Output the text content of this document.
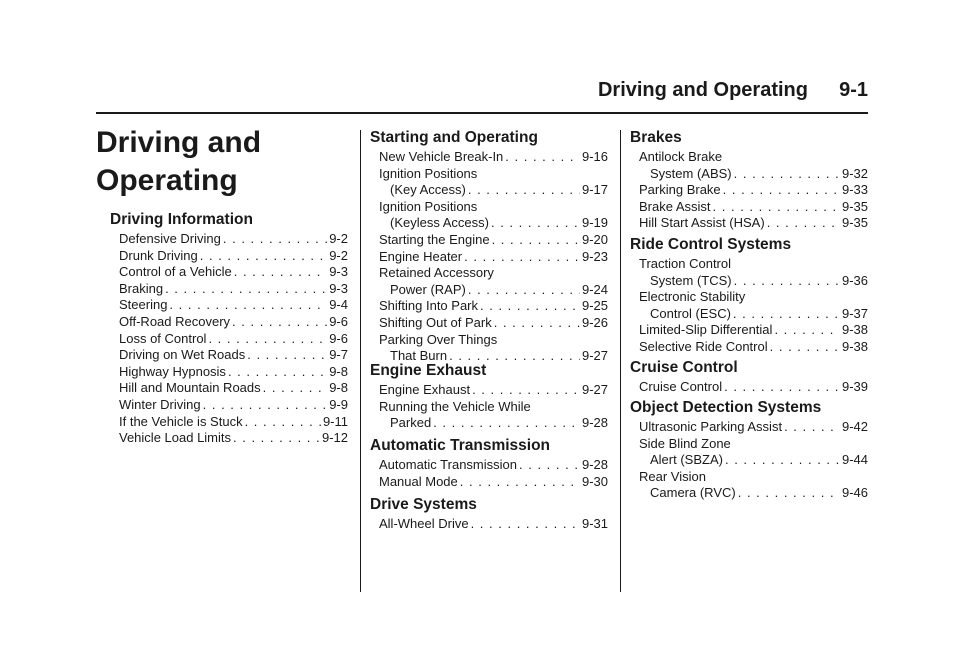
Driving and Operating 9-1
Driving and
Operating
Driving Information
Defensive Driving . . .	9-2
Drunk Driving . . .	9-2
Control of a Vehicle . . .	9-3
Braking . . .	9-3
Steering . . .	9-4
Off-Road Recovery . . .	9-6
Loss of Control . . .	9-6
Driving on Wet Roads . . .	9-7
Highway Hypnosis . . .	9-8
Hill and Mountain Roads . . .	9-8
Winter Driving . . .	9-9
If the Vehicle is Stuck . . .	9-11
Vehicle Load Limits . . .	9-12
Starting and Operating
New Vehicle Break-In . . .	9-16
Ignition Positions
(Key Access) . . .	9-17
Ignition Positions
(Keyless Access) . . .	9-19
Starting the Engine . . .	9-20
Engine Heater . . .	9-23
Retained Accessory
Power (RAP) . . .	9-24
Shifting Into Park . . .	9-25
Shifting Out of Park . . .	9-26
Parking Over Things
That Burn . . .	9-27
Engine Exhaust
Engine Exhaust . . .	9-27
Running the Vehicle While
Parked . . .	9-28
Automatic Transmission
Automatic Transmission . . .	9-28
Manual Mode . . .	9-30
Drive Systems
All-Wheel Drive . . .	9-31
Brakes
Antilock Brake
System (ABS) . . .	9-32
Parking Brake . . .	9-33
Brake Assist . . .	9-35
Hill Start Assist (HSA) . . .	9-35
Ride Control Systems
Traction Control
System (TCS) . . .	9-36
Electronic Stability
Control (ESC) . . .	9-37
Limited-Slip Differential . . .	9-38
Selective Ride Control . . .	9-38
Cruise Control
Cruise Control . . .	9-39
Object Detection Systems
Ultrasonic Parking Assist . . .	9-42
Side Blind Zone
Alert (SBZA) . . .	9-44
Rear Vision
Camera (RVC) . . .	9-46
